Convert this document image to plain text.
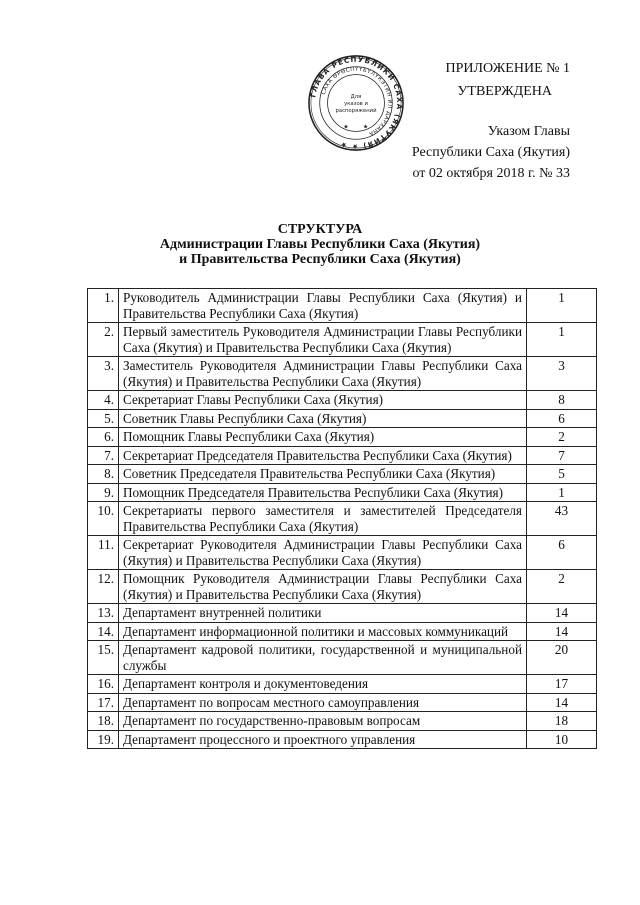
ГЛАВА РЕСПУБЛИКИ САХА (ЯКУТИЯ) ★ ★
САХА ӨРӨСПҮҮБҮЛҮКЭТИН ИЛ ДАРХАНА
Для
указов и
распоряжений
★ ★
ПРИЛОЖЕНИЕ № 1
УТВЕРЖДЕНА
Указом Главы
Республики Саха (Якутия)
от 02 октября 2018 г. № 33
СТРУКТУРА
Администрации Главы Республики Саха (Якутия)
и Правительства Республики Саха (Якутия)
1.	Руководитель Администрации Главы Республики Саха (Якутия) и Правительства Республики Саха (Якутия)	1
2.	Первый заместитель Руководителя Администрации Главы Республики Саха (Якутия) и Правительства Республики Саха (Якутия)	1
3.	Заместитель Руководителя Администрации Главы Республики Саха (Якутия) и Правительства Республики Саха (Якутия)	3
4.	Секретариат Главы Республики Саха (Якутия)	8
5.	Советник Главы Республики Саха (Якутия)	6
6.	Помощник Главы Республики Саха (Якутия)	2
7.	Секретариат Председателя Правительства Республики Саха (Якутия)	7
8.	Советник Председателя Правительства Республики Саха (Якутия)	5
9.	Помощник Председателя Правительства Республики Саха (Якутия)	1
10.	Секретариаты первого заместителя и заместителей Председателя Правительства Республики Саха (Якутия)	43
11.	Секретариат Руководителя Администрации Главы Республики Саха (Якутия) и Правительства Республики Саха (Якутия)	6
12.	Помощник Руководителя Администрации Главы Республики Саха (Якутия) и Правительства Республики Саха (Якутия)	2
13.	Департамент внутренней политики	14
14.	Департамент информационной политики и массовых коммуникаций	14
15.	Департамент кадровой политики, государственной и муниципальной службы	20
16.	Департамент контроля и документоведения	17
17.	Департамент по вопросам местного самоуправления	14
18.	Департамент по государственно-правовым вопросам	18
19.	Департамент процессного и проектного управления	10
